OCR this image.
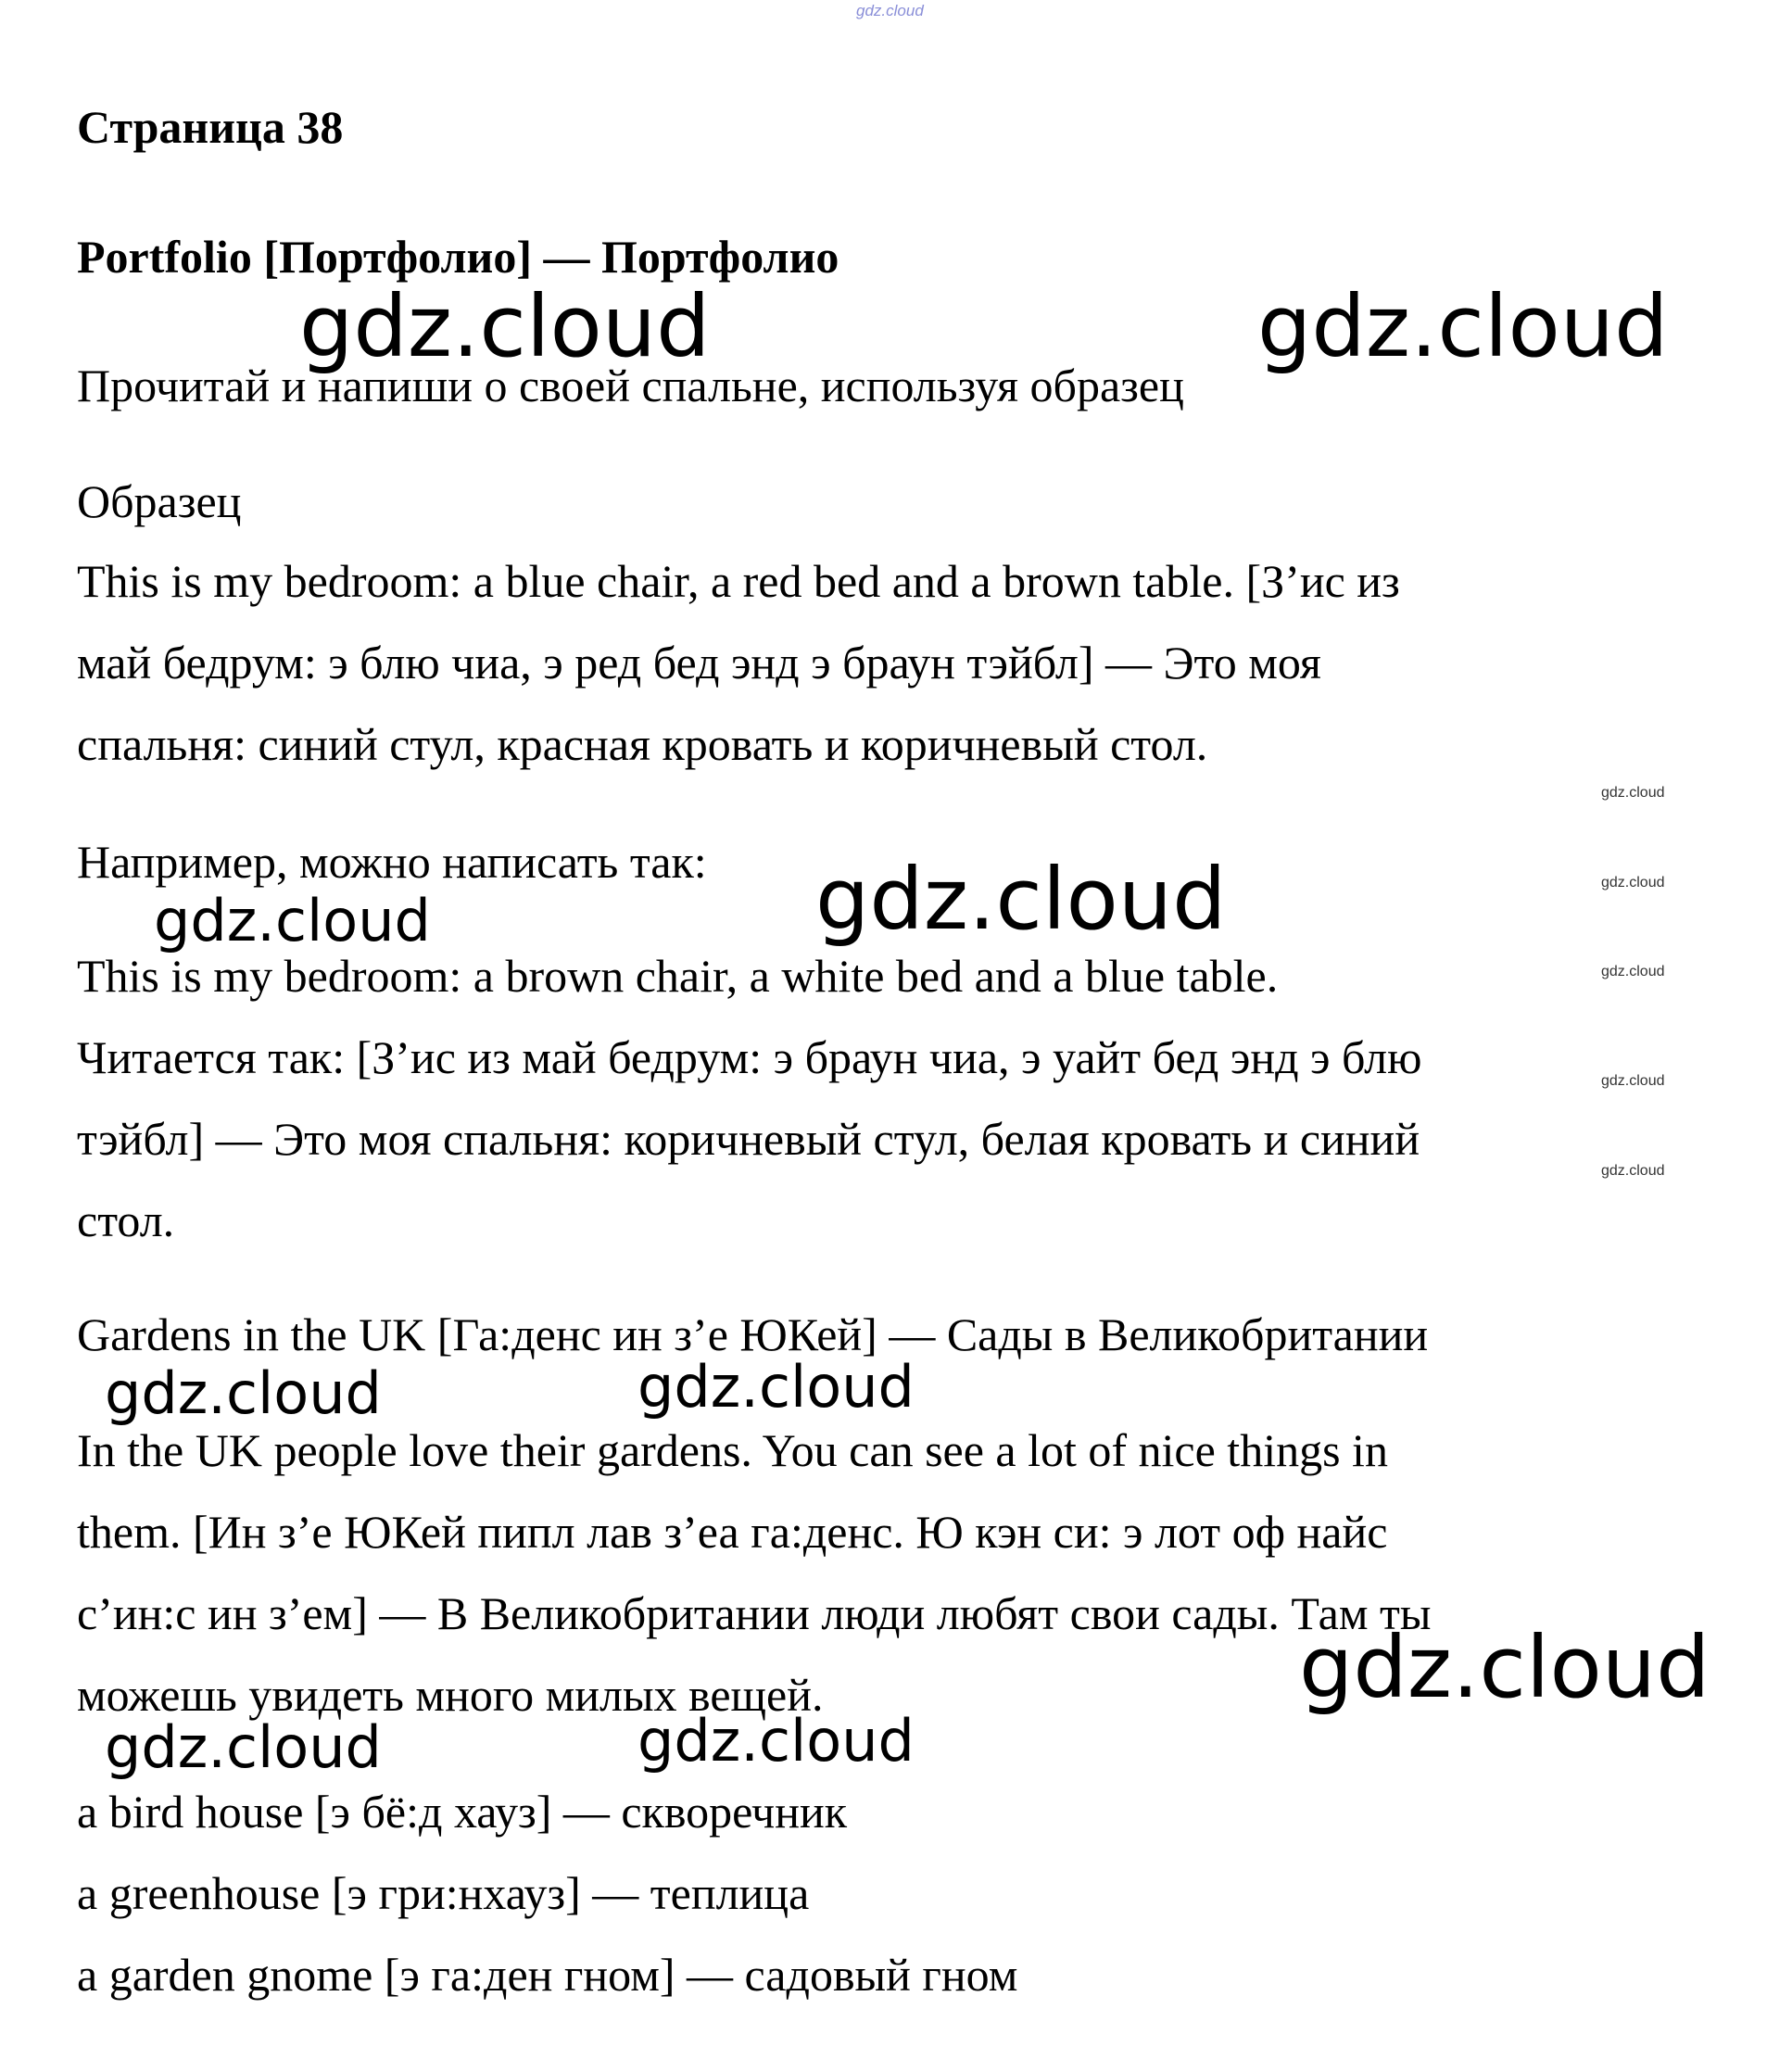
gdz.cloud

Страница 38

Portfolio [Портфолио] — Портфолио

Прочитай и напиши о своей спальне, используя образец

Образец

This is my bedroom: a blue chair, a red bed and a brown table. [З’ис из

май бедрум: э блю чиа, э ред бед энд э браун тэйбл] — Это моя

спальня: синий стул, красная кровать и коричневый стол.

Например, можно написать так:

This is my bedroom: a brown chair, a white bed and a blue table.

Читается так: [З’ис из май бедрум: э браун чиа, э уайт бед энд э блю

тэйбл] — Это моя спальня: коричневый стул, белая кровать и синий

стол.

Gardens in the UK [Га:денс ин з’е ЮКей] — Сады в Великобритании

In the UK people love their gardens. You can see a lot of nice things in

them. [Ин з’е ЮКей пипл лав з’еа га:денс. Ю кэн си: э лот оф найс

с’ин:с ин з’ем] — В Великобритании люди любят свои сады. Там ты

можешь увидеть много милых вещей.

a bird house [э бё:д хауз] — скворечник

a greenhouse [э гри:нхауз] — теплица

a garden gnome [э га:ден гном] — садовый гном

gdz.cloud	gdz.cloud
gdz.cloud	gdz.cloud
gdz.cloud	gdz.cloud
gdz.cloud
gdz.cloud	gdz.cloud
gdz.cloud
gdz.cloud
gdz.cloud
gdz.cloud
gdz.cloud
